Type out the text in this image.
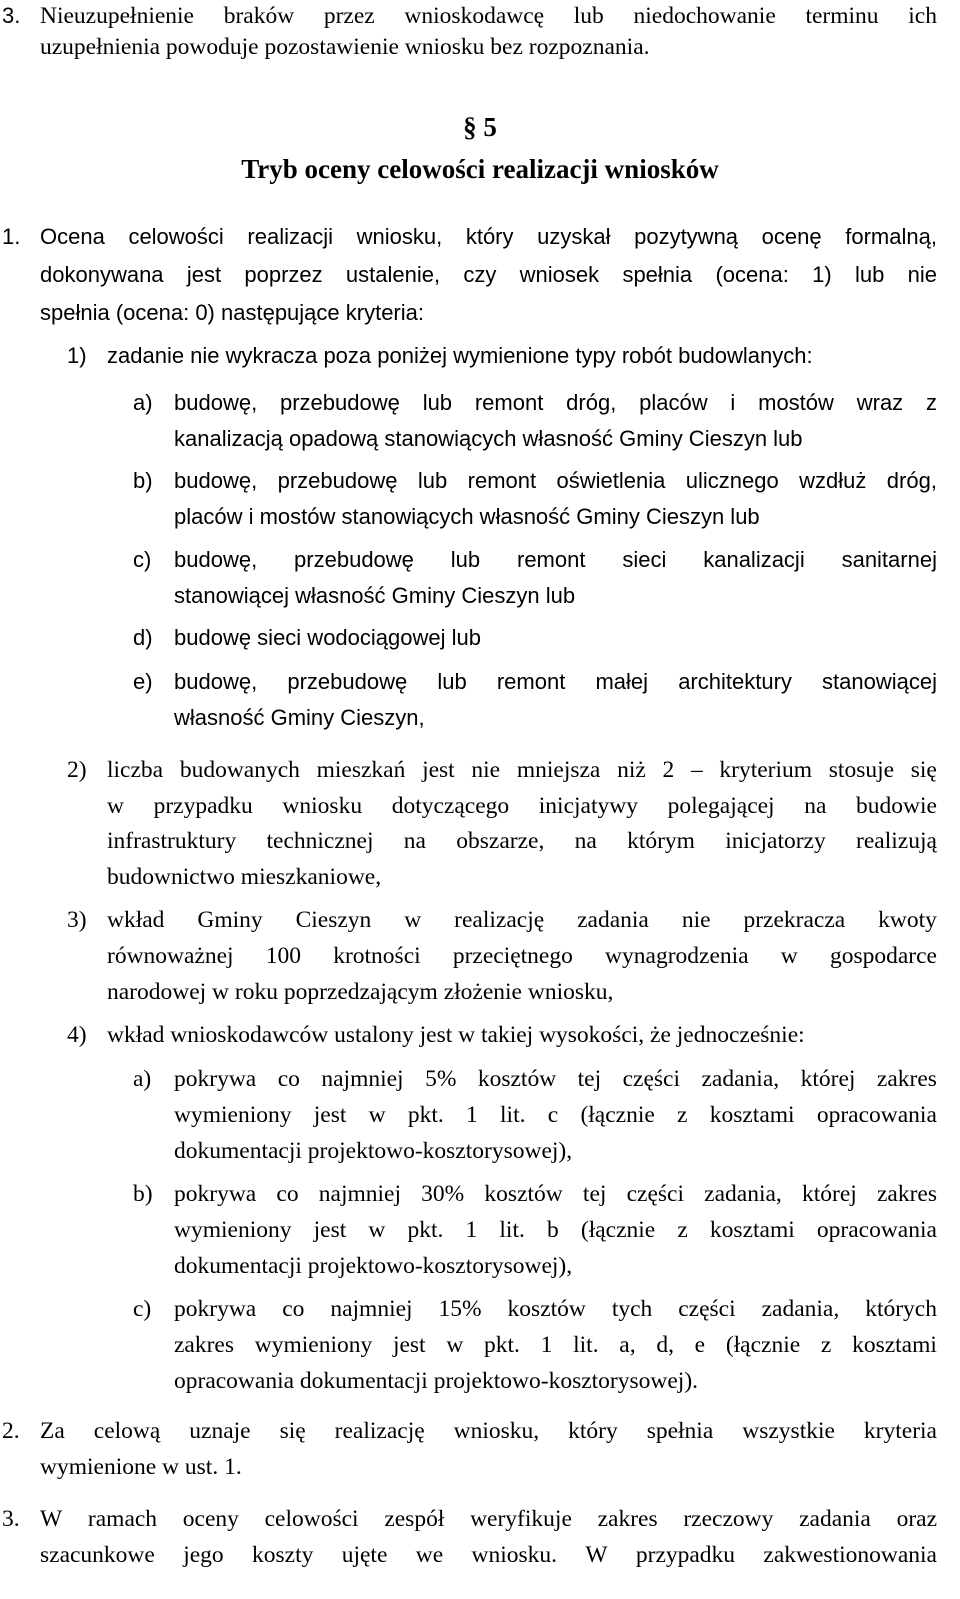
3. Nieuzupełnienie braków przez wnioskodawcę lub niedochowanie terminu ich
uzupełnienia powoduje pozostawienie wniosku bez rozpoznania.
§ 5
Tryb oceny celowości realizacji wniosków
1. Ocena celowości realizacji wniosku, który uzyskał pozytywną ocenę formalną,
dokonywana jest poprzez ustalenie, czy wniosek spełnia (ocena: 1) lub nie
spełnia (ocena: 0) następujące kryteria:
1) zadanie nie wykracza poza poniżej wymienione typy robót budowlanych:
a) budowę, przebudowę lub remont dróg, placów i mostów wraz z
kanalizacją opadową stanowiących własność Gminy Cieszyn lub
b) budowę, przebudowę lub remont oświetlenia ulicznego wzdłuż dróg,
placów i mostów stanowiących własność Gminy Cieszyn lub
c) budowę, przebudowę lub remont sieci kanalizacji sanitarnej
stanowiącej własność Gminy Cieszyn lub
d) budowę sieci wodociągowej lub
e) budowę, przebudowę lub remont małej architektury stanowiącej
własność Gminy Cieszyn,
2) liczba budowanych mieszkań jest nie mniejsza niż 2 – kryterium stosuje się
w przypadku wniosku dotyczącego inicjatywy polegającej na budowie
infrastruktury technicznej na obszarze, na którym inicjatorzy realizują
budownictwo mieszkaniowe,
3) wkład Gminy Cieszyn w realizację zadania nie przekracza kwoty
równoważnej 100 krotności przeciętnego wynagrodzenia w gospodarce
narodowej w roku poprzedzającym złożenie wniosku,
4) wkład wnioskodawców ustalony jest w takiej wysokości, że jednocześnie:
a) pokrywa co najmniej 5% kosztów tej części zadania, której zakres
wymieniony jest w pkt. 1 lit. c (łącznie z kosztami opracowania
dokumentacji projektowo-kosztorysowej),
b) pokrywa co najmniej 30% kosztów tej części zadania, której zakres
wymieniony jest w pkt. 1 lit. b (łącznie z kosztami opracowania
dokumentacji projektowo-kosztorysowej),
c) pokrywa co najmniej 15% kosztów tych części zadania, których
zakres wymieniony jest w pkt. 1 lit. a, d, e (łącznie z kosztami
opracowania dokumentacji projektowo-kosztorysowej).
2. Za celową uznaje się realizację wniosku, który spełnia wszystkie kryteria
wymienione w ust. 1.
3. W ramach oceny celowości zespół weryfikuje zakres rzeczowy zadania oraz
szacunkowe jego koszty ujęte we wniosku. W przypadku zakwestionowania
